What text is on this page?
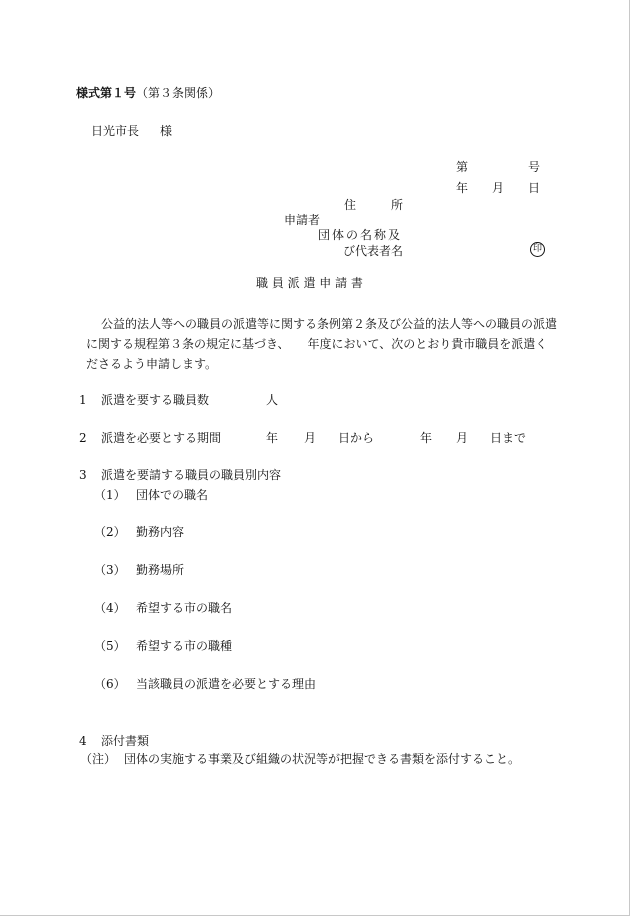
様式第１号（第３条関係）
日光市長 様
第	号
年 月 日
住	所
申請者
団体の名称及
び代表者名	印
職 員 派 遣 申 請 書
公益的法人等への職員の派遣等に関する条例第２条及び公益的法人等への職員の派遣
に関する規程第３条の規定に基づき、　　年度において、次のとおり貴市職員を派遣く
ださるよう申請します。
1 派遣を要する職員数	人
2 派遣を必要とする期間	年 月 日から	年 月 日まで
3 派遣を要請する職員の職員別内容
（1） 団体での職名
（2） 勤務内容
（3） 勤務場所
（4） 希望する市の職名
（5） 希望する市の職種
（6） 当該職員の派遣を必要とする理由
4 添付書類
（注） 団体の実施する事業及び組織の状況等が把握できる書類を添付すること。
